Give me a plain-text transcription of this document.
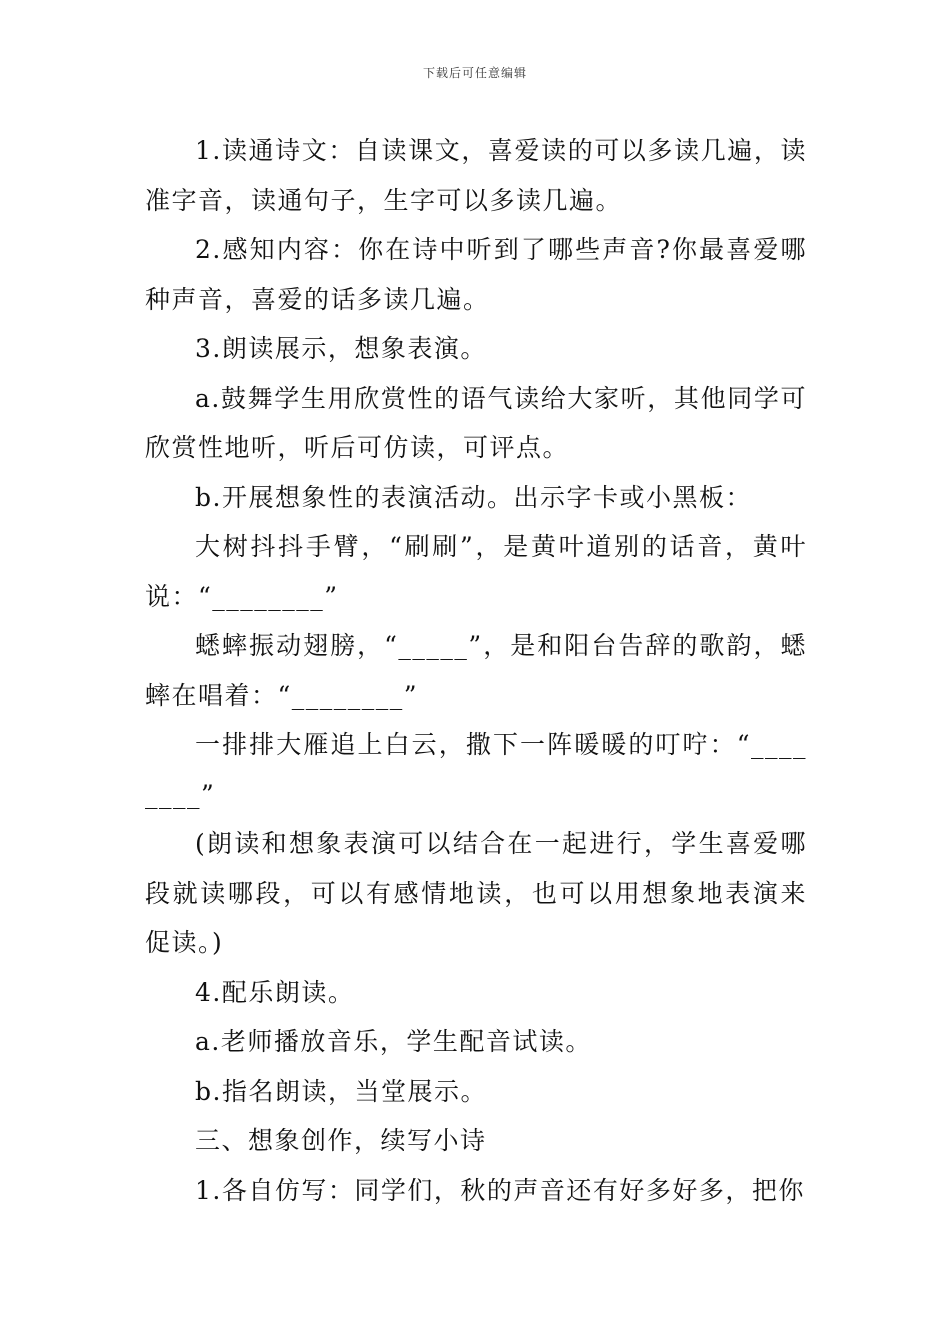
下载后可任意编辑

1.读通诗文：自读课文，喜爱读的可以多读几遍，读准字音，读通句子，生字可以多读几遍。

2.感知内容：你在诗中听到了哪些声音?你最喜爱哪种声音，喜爱的话多读几遍。

3.朗读展示，想象表演。

a.鼓舞学生用欣赏性的语气读给大家听，其他同学可欣赏性地听，听后可仿读，可评点。

b.开展想象性的表演活动。出示字卡或小黑板：

大树抖抖手臂，“刷刷”，是黄叶道别的话音，黄叶说：“________”

蟋蟀振动翅膀，“_____”，是和阳台告辞的歌韵，蟋蟀在唱着：“________”

一排排大雁追上白云，撒下一阵暖暖的叮咛：“________”

(朗读和想象表演可以结合在一起进行，学生喜爱哪段就读哪段，可以有感情地读，也可以用想象地表演来促读。)

4.配乐朗读。

a.老师播放音乐，学生配音试读。

b.指名朗读，当堂展示。

三、想象创作，续写小诗

1.各自仿写：同学们，秋的声音还有好多好多，把你
